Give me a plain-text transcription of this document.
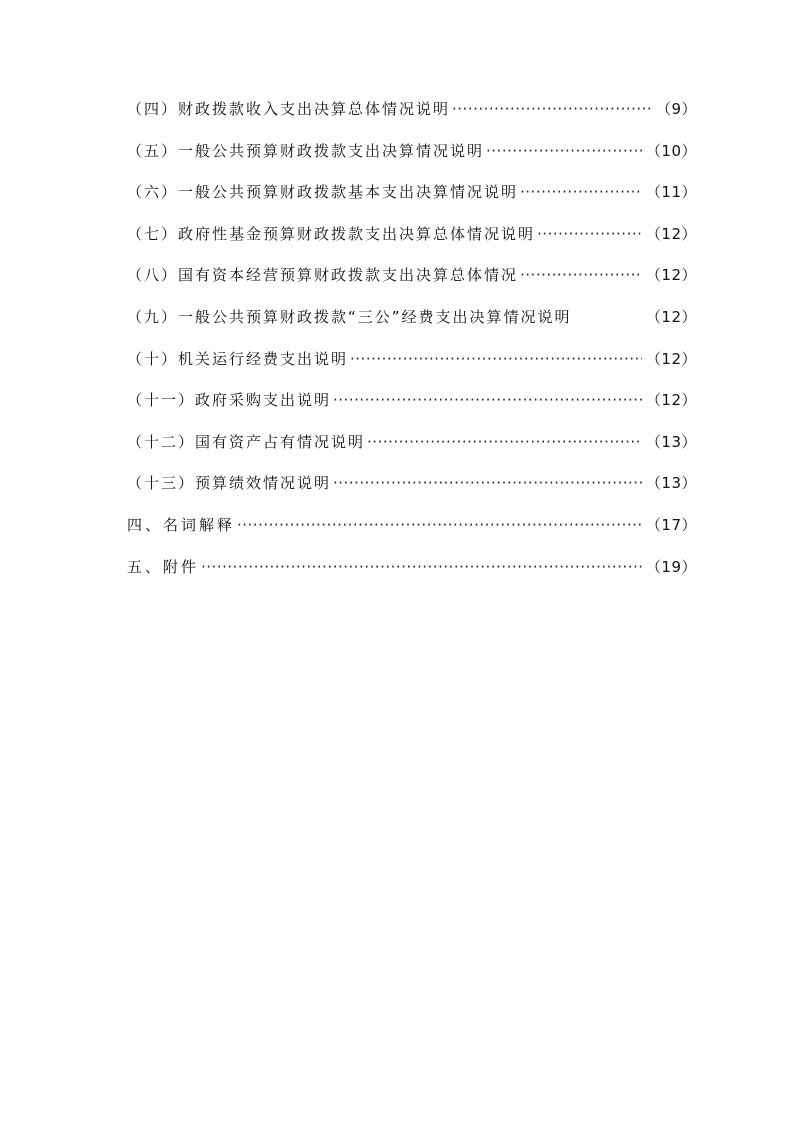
（四）财政拨款收入支出决算总体情况说明 ·····	（9）
（五）一般公共预算财政拨款支出决算情况说明 ·····	（10）
（六）一般公共预算财政拨款基本支出决算情况说明 ·····	（11）
（七）政府性基金预算财政拨款支出决算总体情况说明 ·····	（12）
（八）国有资本经营预算财政拨款支出决算总体情况 ·····	（12）
（九）一般公共预算财政拨款“三公”经费支出决算情况说明	（12）
（十）机关运行经费支出说明 ·····	（12）
（十一）政府采购支出说明 ·····	（12）
（十二）国有资产占有情况说明 ·····	（13）
（十三）预算绩效情况说明 ·····	（13）
四、名词解释 ·····	（17）
五、附件 ·····	（19）
